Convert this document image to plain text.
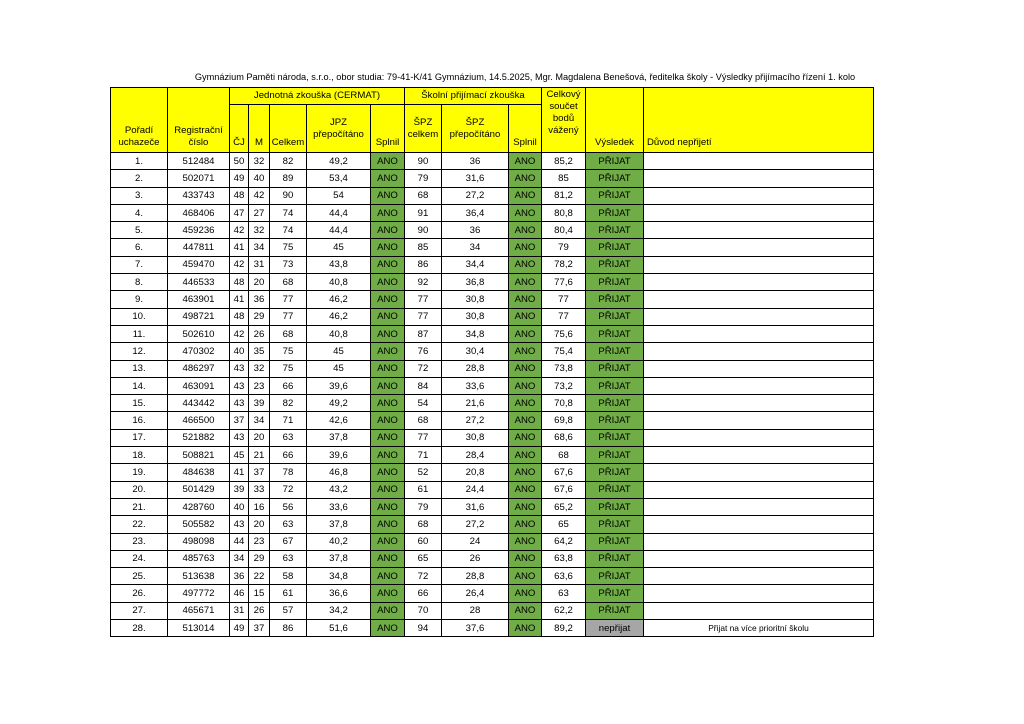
Gymnázium Paměti národa, s.r.o., obor studia: 79-41-K/41 Gymnázium, 14.5.2025, Mgr. Magdalena Benešová, ředitelka školy - Výsledky přijímacího řízení 1. kolo
Pořadí uchazeče	Registrační číslo	Jednotná zkouška (CERMAT)					Školní přijímací zkouška			Celkový součet bodů vážený	Výsledek	Důvod nepřijetí
		ČJ	M	Celkem	JPZ přepočítáno	Splnil	ŠPZ celkem	ŠPZ přepočítáno	Splnil			
1.	512484	50	32	82	49,2	ANO	90	36	ANO	85,2	PŘIJAT	
2.	502071	49	40	89	53,4	ANO	79	31,6	ANO	85	PŘIJAT	
3.	433743	48	42	90	54	ANO	68	27,2	ANO	81,2	PŘIJAT	
4.	468406	47	27	74	44,4	ANO	91	36,4	ANO	80,8	PŘIJAT	
5.	459236	42	32	74	44,4	ANO	90	36	ANO	80,4	PŘIJAT	
6.	447811	41	34	75	45	ANO	85	34	ANO	79	PŘIJAT	
7.	459470	42	31	73	43,8	ANO	86	34,4	ANO	78,2	PŘIJAT	
8.	446533	48	20	68	40,8	ANO	92	36,8	ANO	77,6	PŘIJAT	
9.	463901	41	36	77	46,2	ANO	77	30,8	ANO	77	PŘIJAT	
10.	498721	48	29	77	46,2	ANO	77	30,8	ANO	77	PŘIJAT	
11.	502610	42	26	68	40,8	ANO	87	34,8	ANO	75,6	PŘIJAT	
12.	470302	40	35	75	45	ANO	76	30,4	ANO	75,4	PŘIJAT	
13.	486297	43	32	75	45	ANO	72	28,8	ANO	73,8	PŘIJAT	
14.	463091	43	23	66	39,6	ANO	84	33,6	ANO	73,2	PŘIJAT	
15.	443442	43	39	82	49,2	ANO	54	21,6	ANO	70,8	PŘIJAT	
16.	466500	37	34	71	42,6	ANO	68	27,2	ANO	69,8	PŘIJAT	
17.	521882	43	20	63	37,8	ANO	77	30,8	ANO	68,6	PŘIJAT	
18.	508821	45	21	66	39,6	ANO	71	28,4	ANO	68	PŘIJAT	
19.	484638	41	37	78	46,8	ANO	52	20,8	ANO	67,6	PŘIJAT	
20.	501429	39	33	72	43,2	ANO	61	24,4	ANO	67,6	PŘIJAT	
21.	428760	40	16	56	33,6	ANO	79	31,6	ANO	65,2	PŘIJAT	
22.	505582	43	20	63	37,8	ANO	68	27,2	ANO	65	PŘIJAT	
23.	498098	44	23	67	40,2	ANO	60	24	ANO	64,2	PŘIJAT	
24.	485763	34	29	63	37,8	ANO	65	26	ANO	63,8	PŘIJAT	
25.	513638	36	22	58	34,8	ANO	72	28,8	ANO	63,6	PŘIJAT	
26.	497772	46	15	61	36,6	ANO	66	26,4	ANO	63	PŘIJAT	
27.	465671	31	26	57	34,2	ANO	70	28	ANO	62,2	PŘIJAT	
28.	513014	49	37	86	51,6	ANO	94	37,6	ANO	89,2	nepřijat	Přijat na více prioritní školu
